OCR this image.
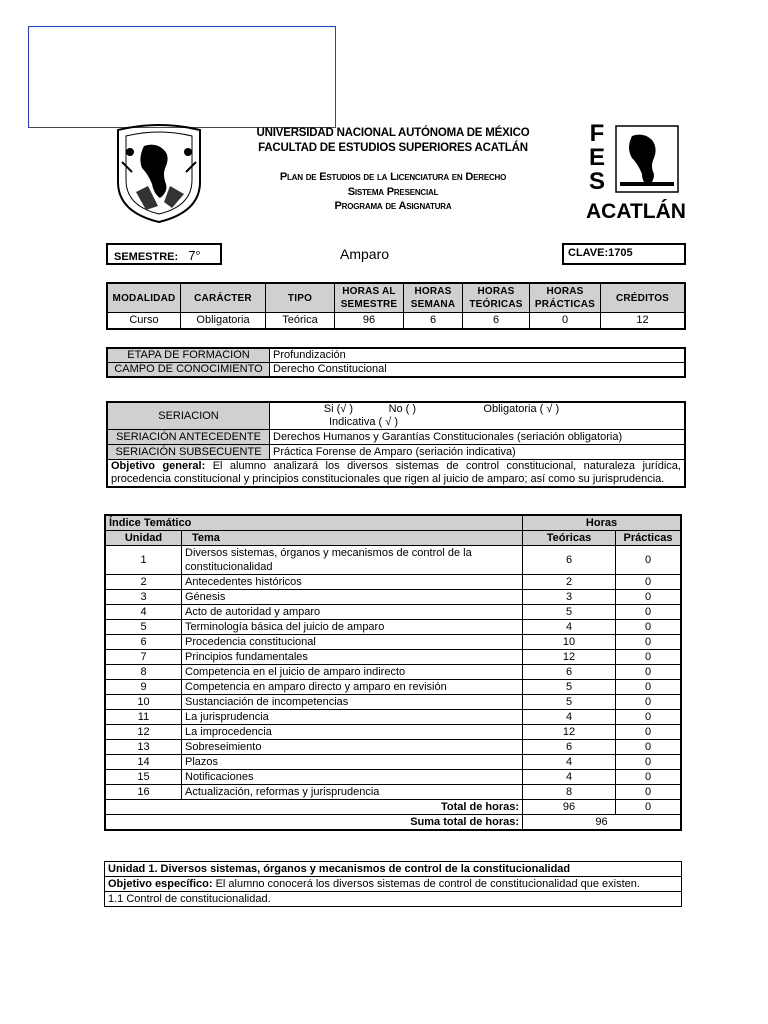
UNIVERSIDAD NACIONAL AUTÓNOMA DE MÉXICO
FACULTAD DE ESTUDIOS SUPERIORES ACATLÁN
Plan de Estudios de la Licenciatura en Derecho
Sistema Presencial
Programa de Asignatura
F
E
S
ACATLÁN
SEMESTRE: 7°	Amparo	CLAVE:1705
MODALIDAD	CARÁCTER	TIPO	HORAS AL SEMESTRE	HORAS SEMANA	HORAS TEÓRICAS	HORAS PRÁCTICAS	CRÉDITOS
Curso	Obligatoria	Teórica	96	6	6	0	12
ETAPA DE FORMACION	Profundización
CAMPO DE CONOCIMIENTO	Derecho Constitucional
SERIACION	Si (√ ) No ( ) Obligatoria ( √ ) Indicativa ( √ )
SERIACIÓN ANTECEDENTE	Derechos Humanos y Garantías Constitucionales (seriación obligatoria)
SERIACIÓN SUBSECUENTE	Práctica Forense de Amparo (seriación indicativa)
Objetivo general: El alumno analizará los diversos sistemas de control constitucional, naturaleza jurídica, procedencia constitucional y principios constitucionales que rigen al juicio de amparo; así como su jurisprudencia.	
Índice Temático		Horas	
Unidad	Tema	Teóricas	Prácticas
1	Diversos sistemas, órganos y mecanismos de control de la constitucionalidad	6	0
2	Antecedentes históricos	2	0
3	Génesis	3	0
4	Acto de autoridad y amparo	5	0
5	Terminología básica del juicio de amparo	4	0
6	Procedencia constitucional	10	0
7	Principios fundamentales	12	0
8	Competencia en el juicio de amparo indirecto	6	0
9	Competencia en amparo directo y amparo en revisión	5	0
10	Sustanciación de incompetencias	5	0
11	La jurisprudencia	4	0
12	La improcedencia	12	0
13	Sobreseimiento	6	0
14	Plazos	4	0
15	Notificaciones	4	0
16	Actualización, reformas y jurisprudencia	8	0
Total de horas:		96	0
Suma total de horas:		96	
Unidad 1. Diversos sistemas, órganos y mecanismos de control de la constitucionalidad
Objetivo específico: El alumno conocerá los diversos sistemas de control de constitucionalidad que existen.
1.1 Control de constitucionalidad.
